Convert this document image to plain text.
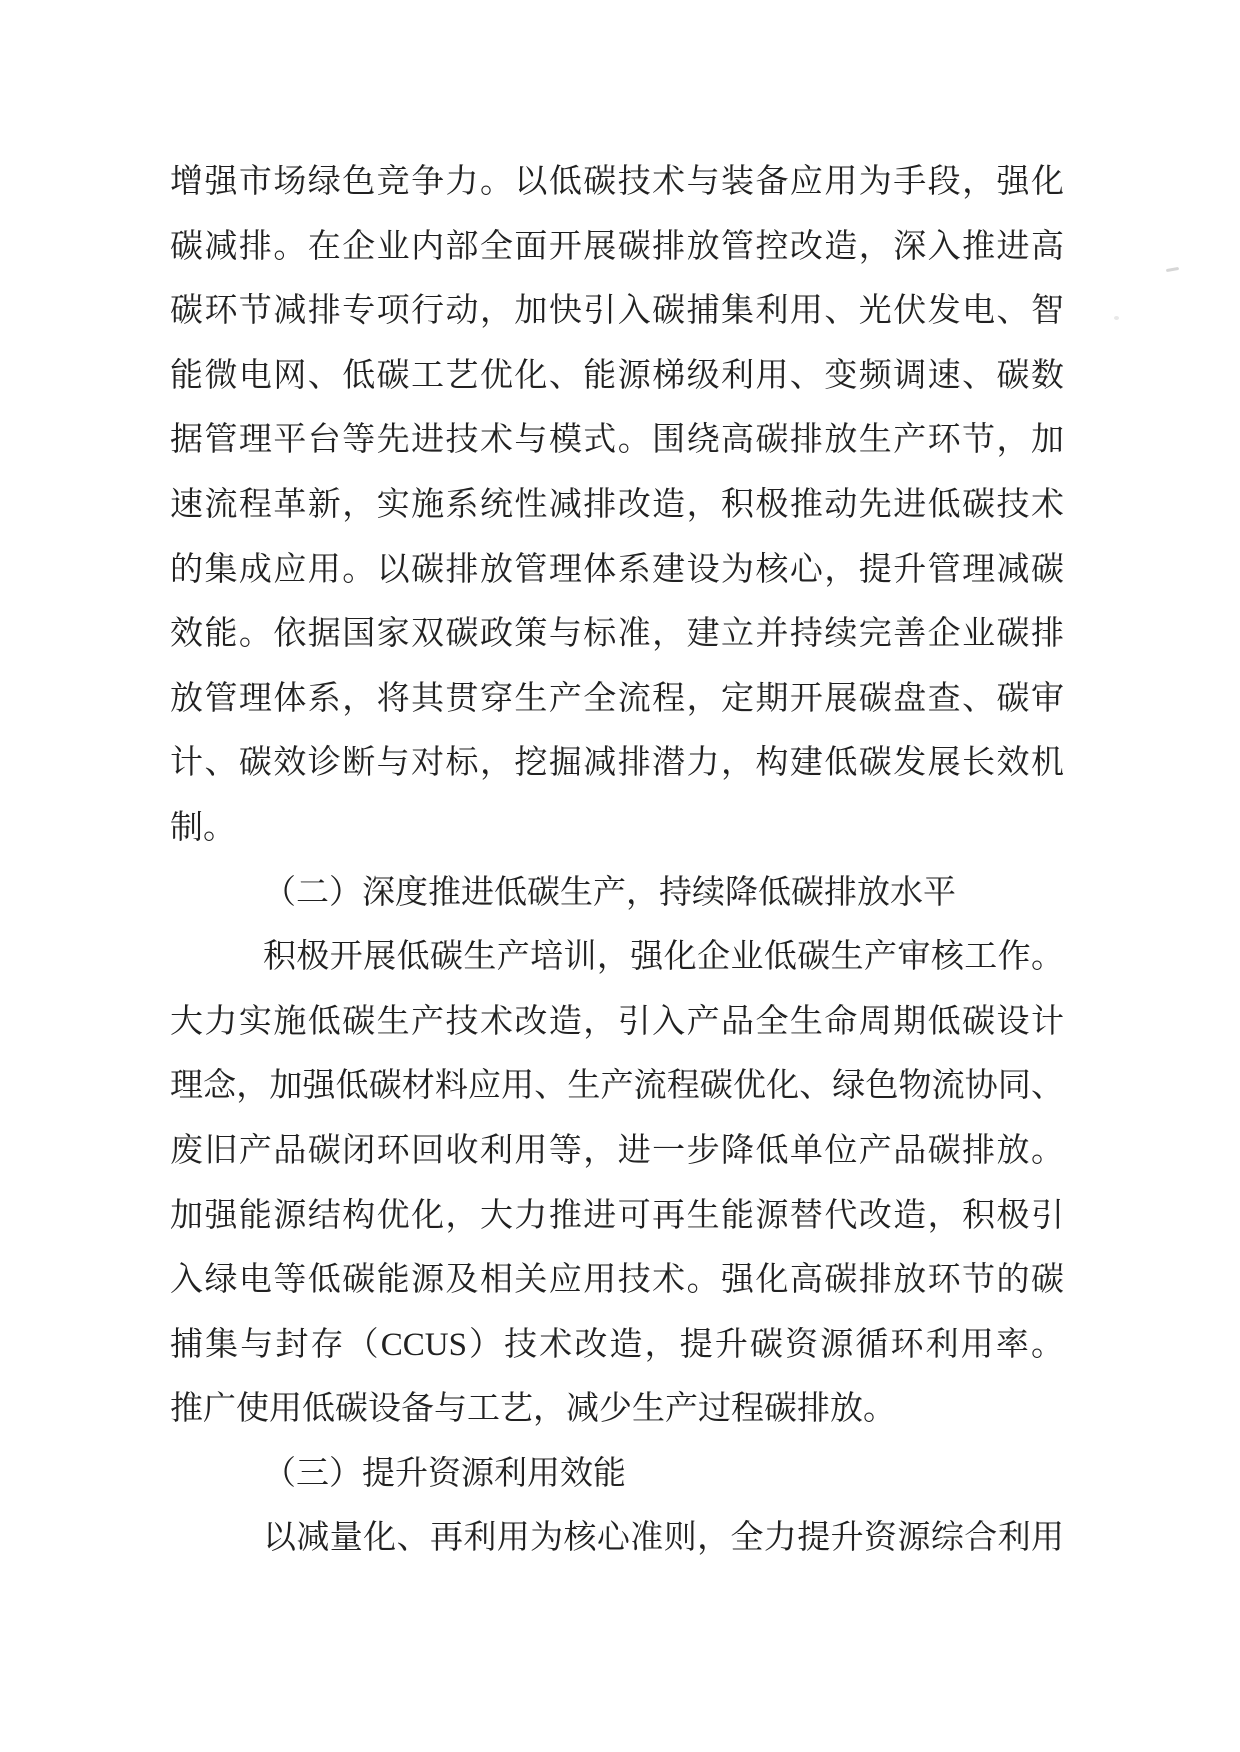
增强市场绿色竞争力。以低碳技术与装备应用为手段，强化
碳减排。在企业内部全面开展碳排放管控改造，深入推进高
碳环节减排专项行动，加快引入碳捕集利用、光伏发电、智
能微电网、低碳工艺优化、能源梯级利用、变频调速、碳数
据管理平台等先进技术与模式。围绕高碳排放生产环节，加
速流程革新，实施系统性减排改造，积极推动先进低碳技术
的集成应用。以碳排放管理体系建设为核心，提升管理减碳
效能。依据国家双碳政策与标准，建立并持续完善企业碳排
放管理体系，将其贯穿生产全流程，定期开展碳盘查、碳审
计、碳效诊断与对标，挖掘减排潜力，构建低碳发展长效机
制。
（二）深度推进低碳生产，持续降低碳排放水平
积极开展低碳生产培训，强化企业低碳生产审核工作。
大力实施低碳生产技术改造，引入产品全生命周期低碳设计
理念，加强低碳材料应用、生产流程碳优化、绿色物流协同、
废旧产品碳闭环回收利用等，进一步降低单位产品碳排放。
加强能源结构优化，大力推进可再生能源替代改造，积极引
入绿电等低碳能源及相关应用技术。强化高碳排放环节的碳
捕集与封存（CCUS）技术改造，提升碳资源循环利用率。
推广使用低碳设备与工艺，减少生产过程碳排放。
（三）提升资源利用效能
以减量化、再利用为核心准则，全力提升资源综合利用
